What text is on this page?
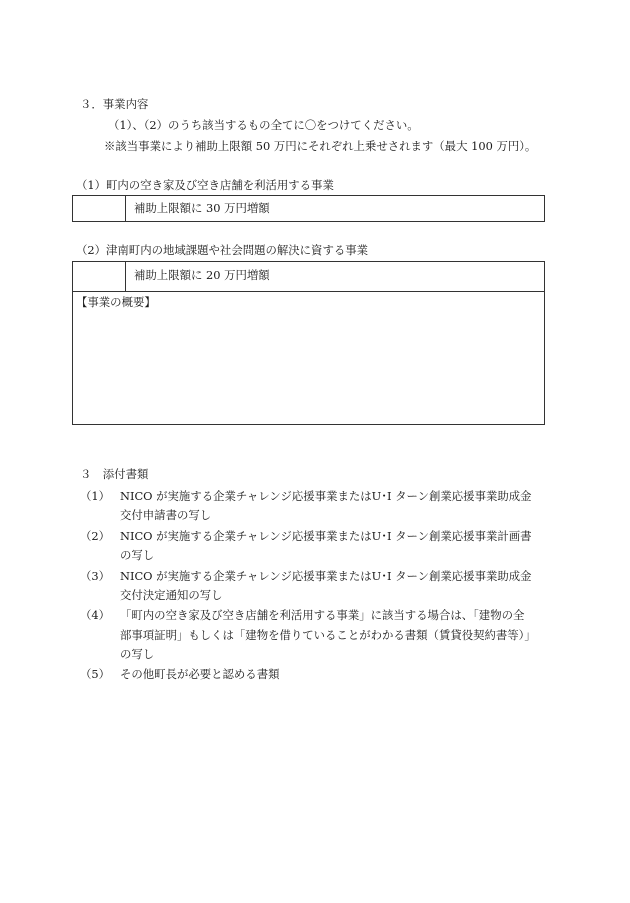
３．事業内容
（1）、（2）のうち該当するもの全てに〇をつけてください。
※該当事業により補助上限額 50 万円にそれぞれ上乗せされます（最大 100 万円）。
（1）町内の空き家及び空き店舗を利活用する事業
補助上限額に 30 万円増額
（2）津南町内の地域課題や社会問題の解決に資する事業
補助上限額に 20 万円増額
【事業の概要】
３　添付書類
（1） NICO が実施する企業チャレンジ応援事業またはU･I ターン創業応援事業助成金
交付申請書の写し
（2） NICO が実施する企業チャレンジ応援事業またはU･I ターン創業応援事業計画書
の写し
（3） NICO が実施する企業チャレンジ応援事業またはU･I ターン創業応援事業助成金
交付決定通知の写し
（4） 「町内の空き家及び空き店舗を利活用する事業」に該当する場合は、「建物の全
部事項証明」もしくは「建物を借りていることがわかる書類（賃貸役契約書等）」
の写し
（5） その他町長が必要と認める書類
